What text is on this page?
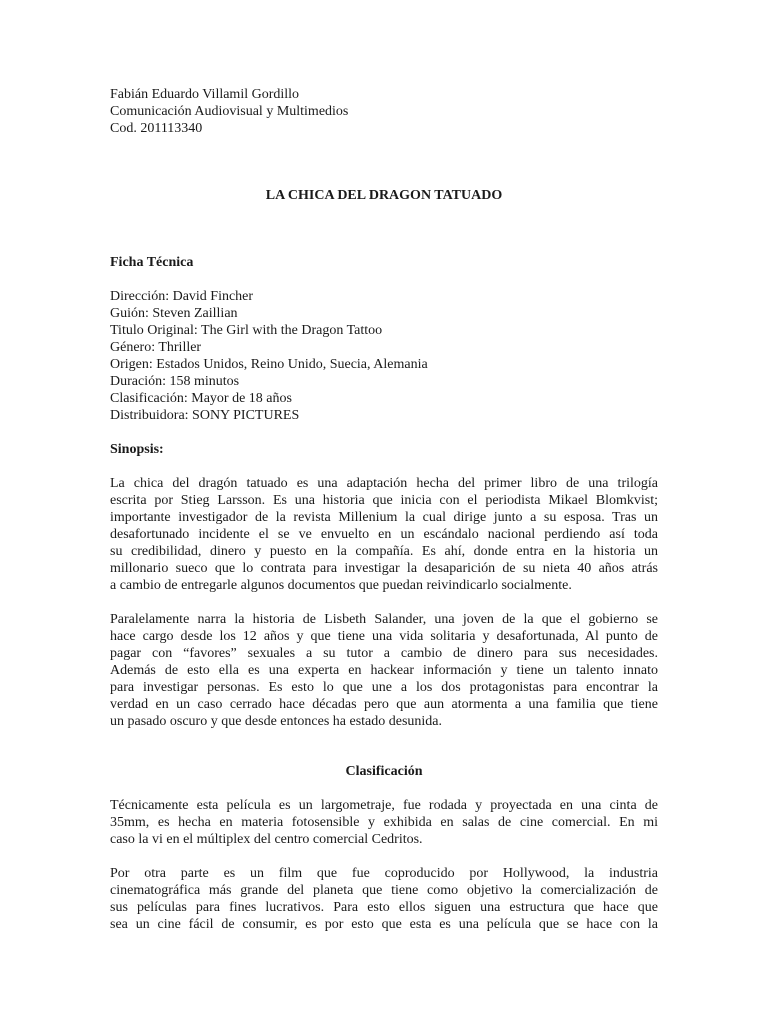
Fabián Eduardo Villamil Gordillo
Comunicación Audiovisual y Multimedios
Cod. 201113340
LA CHICA DEL DRAGON TATUADO
Ficha Técnica
Dirección: David Fincher
Guión: Steven Zaillian
Titulo Original: The Girl with the Dragon Tattoo
Género: Thriller
Origen: Estados Unidos, Reino Unido, Suecia, Alemania
Duración: 158 minutos
Clasificación: Mayor de 18 años
Distribuidora: SONY PICTURES
Sinopsis:
La chica del dragón tatuado es una adaptación hecha del primer libro de una trilogía
escrita por Stieg Larsson. Es una historia que inicia con el periodista Mikael Blomkvist;
importante investigador de la revista Millenium la cual dirige junto a su esposa. Tras un
desafortunado incidente el se ve envuelto en un escándalo nacional perdiendo así toda
su credibilidad, dinero y puesto en la compañía. Es ahí, donde entra en la historia un
millonario sueco que lo contrata para investigar la desaparición de su nieta 40 años atrás
a cambio de entregarle algunos documentos que puedan reivindicarlo socialmente.
Paralelamente narra la historia de Lisbeth Salander, una joven de la que el gobierno se
hace cargo desde los 12 años y que tiene una vida solitaria y desafortunada, Al punto de
pagar con “favores” sexuales a su tutor a cambio de dinero para sus necesidades.
Además de esto ella es una experta en hackear información y tiene un talento innato
para investigar personas. Es esto lo que une a los dos protagonistas para encontrar la
verdad en un caso cerrado hace décadas pero que aun atormenta a una familia que tiene
un pasado oscuro y que desde entonces ha estado desunida.
Clasificación
Técnicamente esta película es un largometraje, fue rodada y proyectada en una cinta de
35mm, es hecha en materia fotosensible y exhibida en salas de cine comercial. En mi
caso la vi en el múltiplex del centro comercial Cedritos.
Por otra parte es un film que fue coproducido por Hollywood, la industria
cinematográfica más grande del planeta que tiene como objetivo la comercialización de
sus películas para fines lucrativos. Para esto ellos siguen una estructura que hace que
sea un cine fácil de consumir, es por esto que esta es una película que se hace con la
